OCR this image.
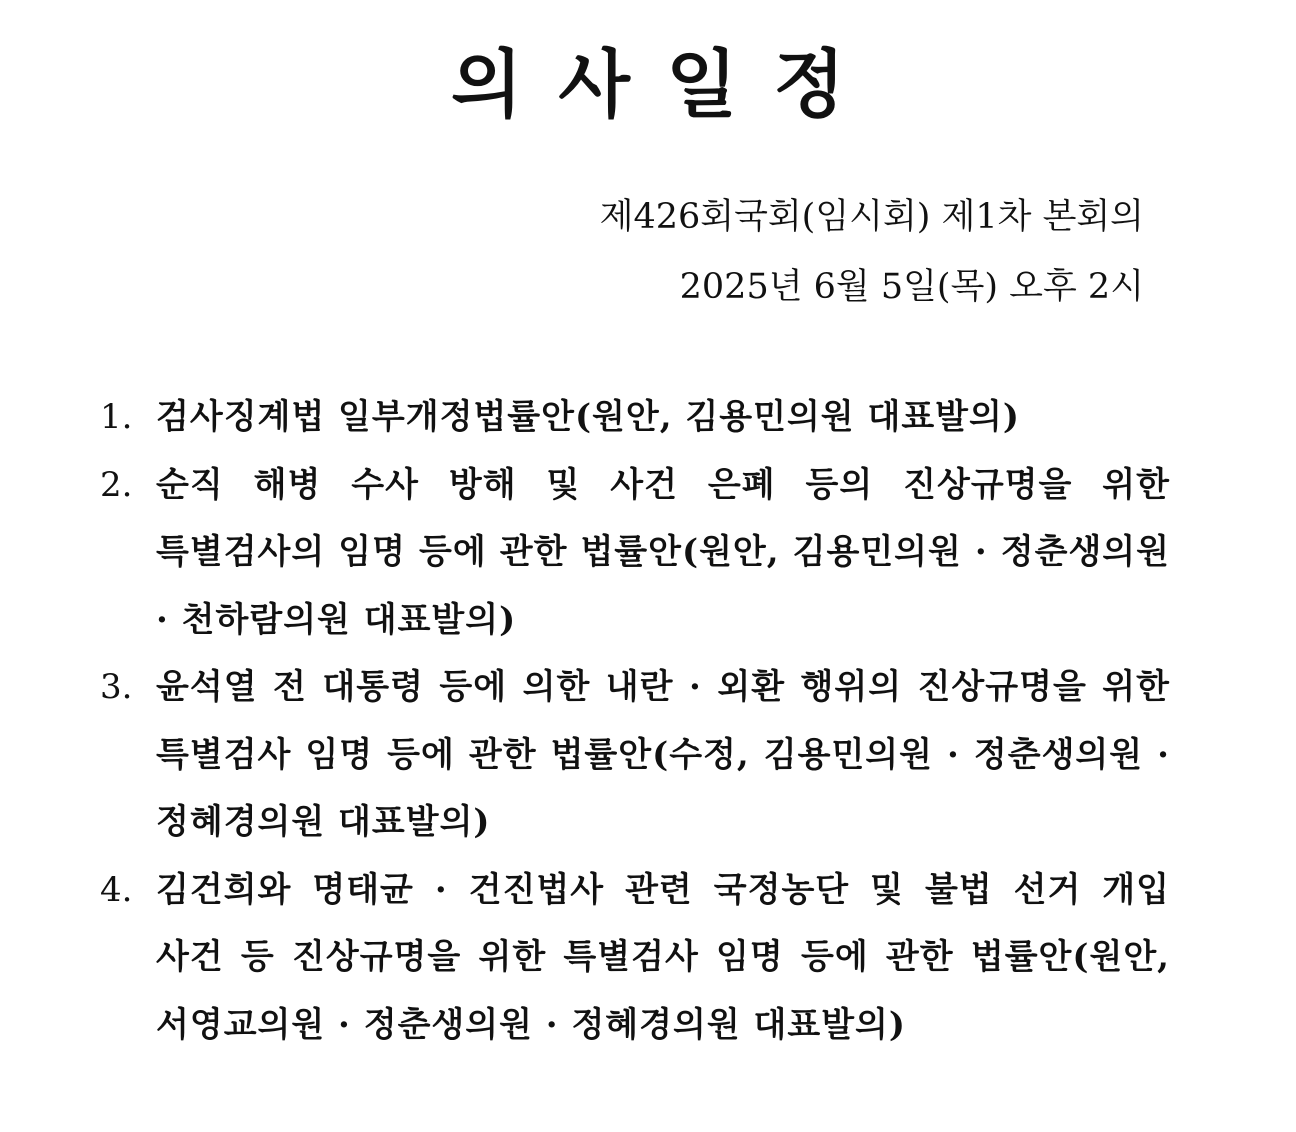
의사일정
제426회국회(임시회) 제1차 본회의
2025년 6월 5일(목) 오후 2시
1. 검사징계법 일부개정법률안(원안, 김용민의원 대표발의)
2. 순직 해병 수사 방해 및 사건 은폐 등의 진상규명을 위한 특별검사의 임명 등에 관한 법률안(원안, 김용민의원 · 정춘생의원 · 천하람의원 대표발의)
3. 윤석열 전 대통령 등에 의한 내란 · 외환 행위의 진상규명을 위한 특별검사 임명 등에 관한 법률안(수정, 김용민의원 · 정춘생의원 · 정혜경의원 대표발의)
4. 김건희와 명태균 · 건진법사 관련 국정농단 및 불법 선거 개입 사건 등 진상규명을 위한 특별검사 임명 등에 관한 법률안(원안, 서영교의원 · 정춘생의원 · 정혜경의원 대표발의)
